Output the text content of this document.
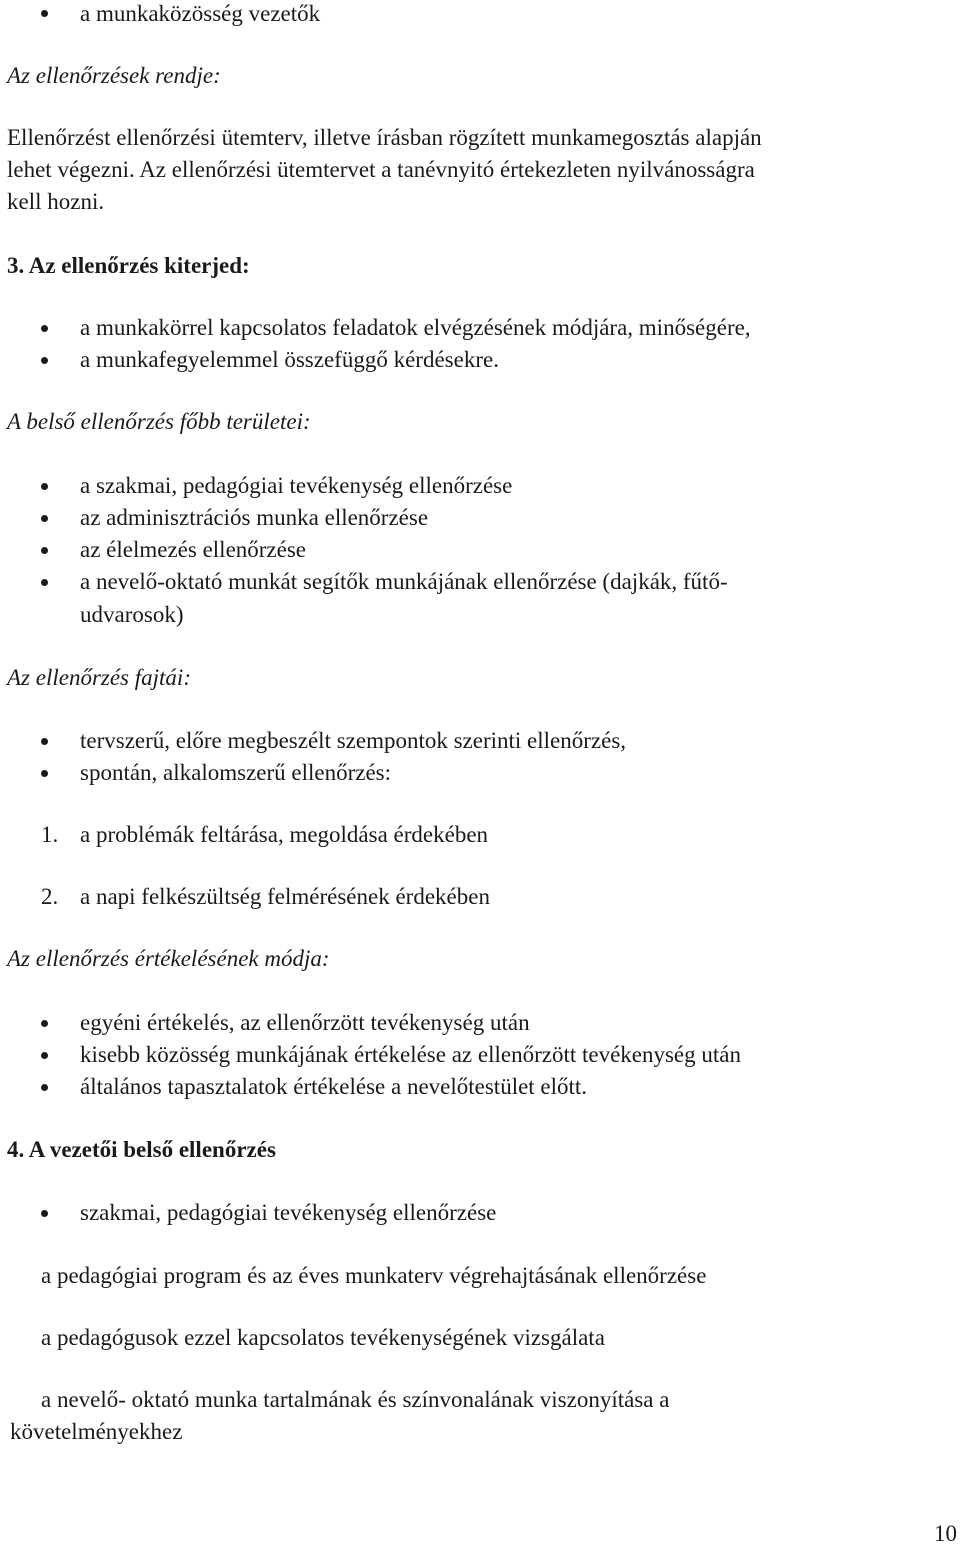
a munkaközösség vezetők
Az ellenőrzések rendje:
Ellenőrzést ellenőrzési ütemterv, illetve írásban rögzített munkamegosztás alapján
lehet végezni. Az ellenőrzési ütemtervet a tanévnyitó értekezleten nyilvánosságra
kell hozni.
3. Az ellenőrzés kiterjed:
a munkakörrel kapcsolatos feladatok elvégzésének módjára, minőségére,
a munkafegyelemmel összefüggő kérdésekre.
A belső ellenőrzés főbb területei:
a szakmai, pedagógiai tevékenység ellenőrzése
az adminisztrációs munka ellenőrzése
az élelmezés ellenőrzése
a nevelő-oktató munkát segítők munkájának ellenőrzése (dajkák, fűtő-
udvarosok)
Az ellenőrzés fajtái:
tervszerű, előre megbeszélt szempontok szerinti ellenőrzés,
spontán, alkalomszerű ellenőrzés:
1. a problémák feltárása, megoldása érdekében
2. a napi felkészültség felmérésének érdekében
Az ellenőrzés értékelésének módja:
egyéni értékelés, az ellenőrzött tevékenység után
kisebb közösség munkájának értékelése az ellenőrzött tevékenység után
általános tapasztalatok értékelése a nevelőtestület előtt.
4. A vezetői belső ellenőrzés
szakmai, pedagógiai tevékenység ellenőrzése
a pedagógiai program és az éves munkaterv végrehajtásának ellenőrzése
a pedagógusok ezzel kapcsolatos tevékenységének vizsgálata
a nevelő- oktató munka tartalmának és színvonalának viszonyítása a
követelményekhez
10
